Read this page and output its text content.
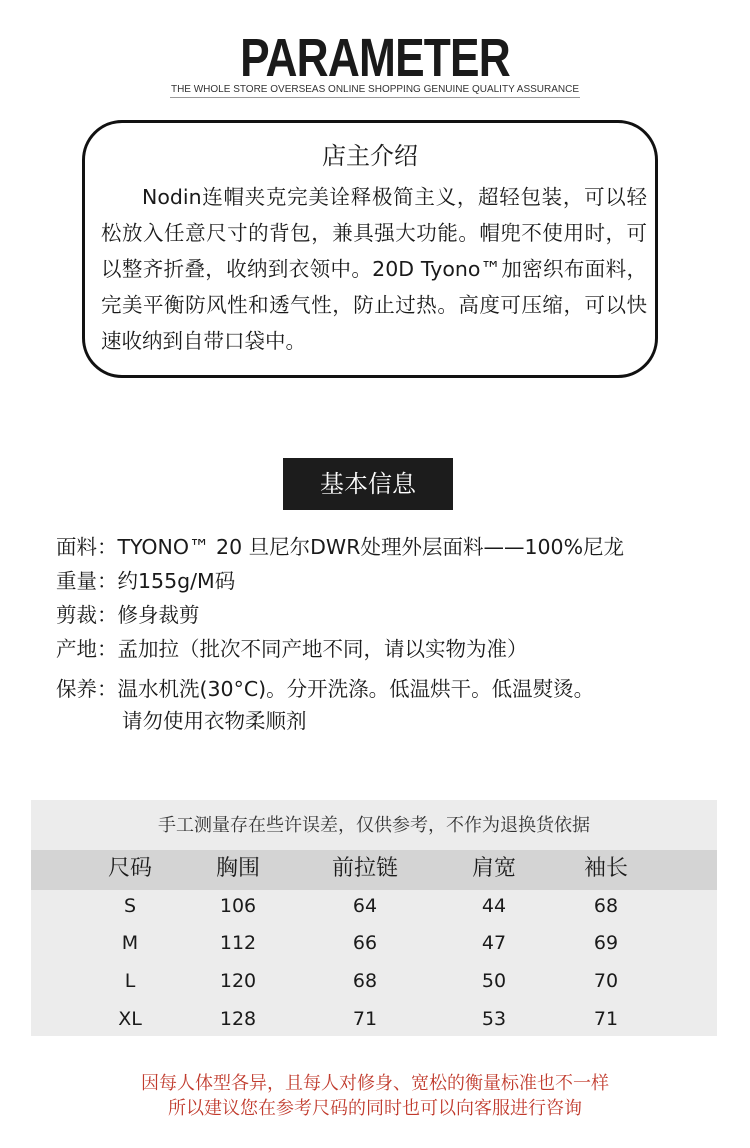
PARAMETER
THE WHOLE STORE OVERSEAS ONLINE SHOPPING GENUINE QUALITY ASSURANCE
店主介绍
Nodin连帽夹克完美诠释极简主义，超轻包装，可以轻松放入任意尺寸的背包，兼具强大功能。帽兜不使用时，可以整齐折叠，收纳到衣领中。20D Tyono™加密织布面料，完美平衡防风性和透气性，防止过热。高度可压缩，可以快速收纳到自带口袋中。
基本信息
面料：TYONO™ 20 旦尼尔DWR处理外层面料——100%尼龙
重量：约155g/M码
剪裁：修身裁剪
产地：孟加拉（批次不同产地不同，请以实物为准）
保养：温水机洗(30°C)。分开洗涤。低温烘干。低温熨烫。
请勿使用衣物柔顺剂
手工测量存在些许误差，仅供参考，不作为退换货依据
尺码	胸围	前拉链	肩宽	袖长
S	106	64	44	68
M	112	66	47	69
L	120	68	50	70
XL	128	71	53	71
因每人体型各异，且每人对修身、宽松的衡量标准也不一样
所以建议您在参考尺码的同时也可以向客服进行咨询
